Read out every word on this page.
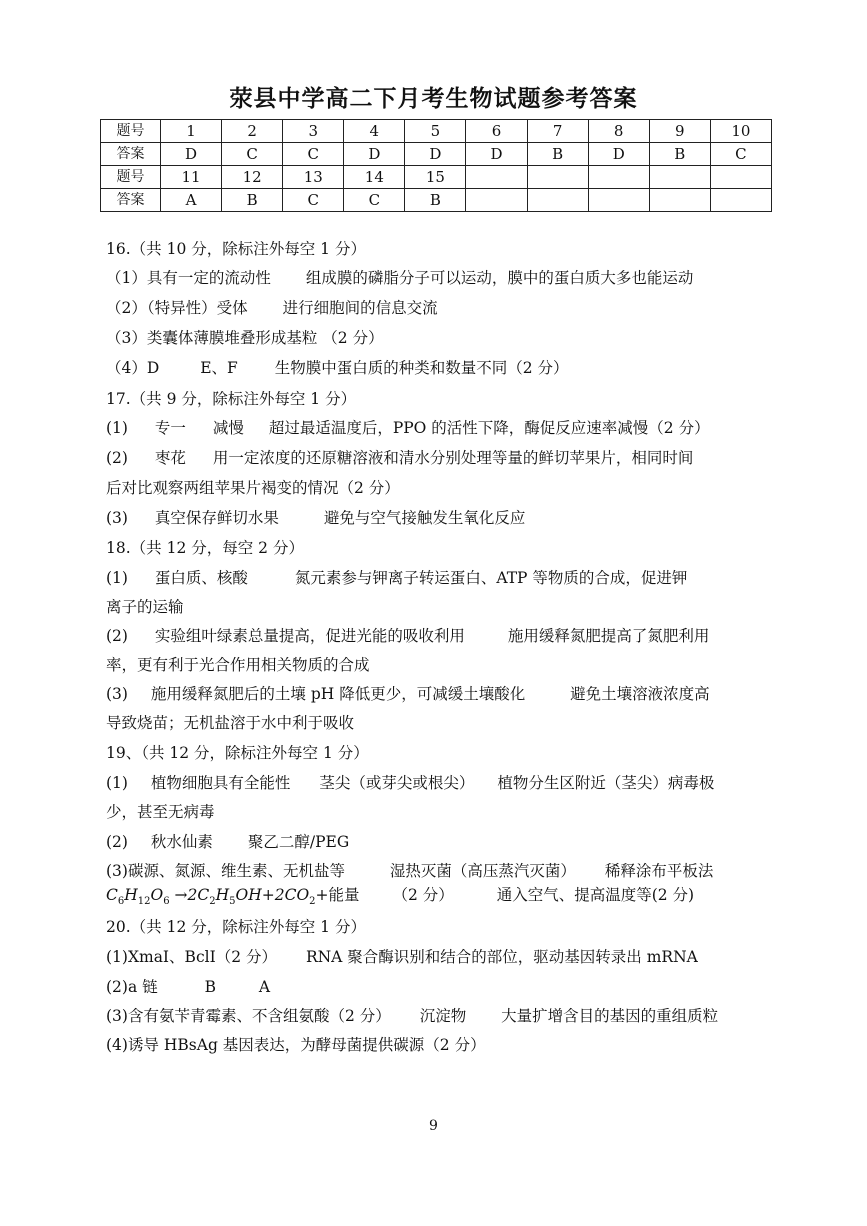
荥县中学高二下月考生物试题参考答案
题号	1	2	3	4	5	6	7	8	9	10
答案	D	C	C	D	D	D	B	D	B	C
题号	11	12	13	14	15					
答案	A	B	C	C	B					
16.（共 10 分，除标注外每空 1 分）
（1）具有一定的流动性 组成膜的磷脂分子可以运动，膜中的蛋白质大多也能运动
（2）（特异性）受体 进行细胞间的信息交流
（3）类囊体薄膜堆叠形成基粒 （2 分）
（4）D	E、F 生物膜中蛋白质的种类和数量不同（2 分）
17.（共 9 分，除标注外每空 1 分）
(1) 专一 减慢 超过最适温度后，PPO 的活性下降，酶促反应速率减慢（2 分）
(2) 枣花 用一定浓度的还原糖溶液和清水分别处理等量的鲜切苹果片，相同时间
后对比观察两组苹果片褐变的情况（2 分）
(3) 真空保存鲜切水果	避免与空气接触发生氧化反应
18.（共 12 分，每空 2 分）
(1) 蛋白质、核酸	氮元素参与钾离子转运蛋白、ATP 等物质的合成，促进钾
离子的运输
(2) 实验组叶绿素总量提高，促进光能的吸收利用	施用缓释氮肥提高了氮肥利用
率，更有利于光合作用相关物质的合成
(3) 施用缓释氮肥后的土壤 pH 降低更少，可减缓土壤酸化	避免土壤溶液浓度高
导致烧苗；无机盐溶于水中利于吸收
19、（共 12 分，除标注外每空 1 分）
(1) 植物细胞具有全能性 茎尖（或芽尖或根尖） 植物分生区附近（茎尖）病毒极
少，甚至无病毒
(2) 秋水仙素 聚乙二醇/PEG
(3)碳源、氮源、维生素、无机盐等	湿热灭菌（高压蒸汽灭菌） 稀释涂布平板法
$C_6H_{12}O_6 \to 2C_2H_5OH+2CO_2+$能量 （2 分）	通入空气、提高温度等(2 分)
20.（共 12 分，除标注外每空 1 分）
(1)XmaⅠ、BclⅠ（2 分） RNA 聚合酶识别和结合的部位，驱动基因转录出 mRNA
(2)a 链	B	A
(3)含有氨苄青霉素、不含组氨酸（2 分） 沉淀物 大量扩增含目的基因的重组质粒
(4)诱导 HBsAg 基因表达，为酵母菌提供碳源（2 分）
9
